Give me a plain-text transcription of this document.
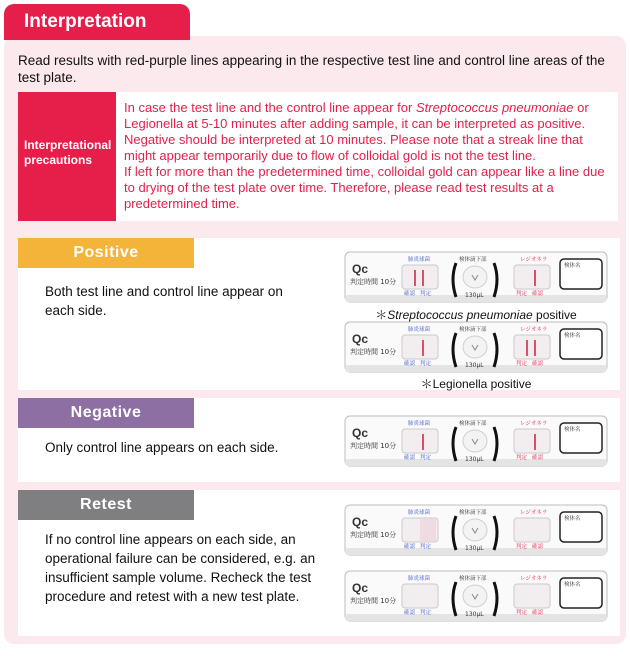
Interpretation

Read results with red-purple lines appearing in the respective test line and control line areas of the test plate.

Interpretational precautions
In case the test line and the control line appear for Streptococcus pneumoniae or Legionella at 5-10 minutes after adding sample, it can be interpreted as positive. Negative should be interpreted at 10 minutes. Please note that a streak line that might appear temporarily due to flow of colloidal gold is not the test line.
If left for more than the predetermined time, colloidal gold can appear like a line due to drying of the test plate over time. Therefore, please read test results at a predetermined time.
Positive

Both test line and control line appear on each side.

Qc
判定時間 10分
肺炎球菌
確認 判定
検体滴下部
130μL
レジオネラ
判定 確認
検体名
＊Streptococcus pneumoniae positive
Qc
判定時間 10分
肺炎球菌
確認 判定
検体滴下部
130μL
レジオネラ
判定 確認
検体名
＊Legionella positive
Negative

Only control line appears on each side.

Qc
判定時間 10分
肺炎球菌
確認 判定
検体滴下部
130μL
レジオネラ
判定 確認
検体名
Retest

If no control line appears on each side, an operational failure can be considered, e.g. an insufficient sample volume. Recheck the test procedure and retest with a new test plate.

Qc
判定時間 10分
肺炎球菌
確認 判定
検体滴下部
130μL
レジオネラ
判定 確認
検体名
Qc
判定時間 10分
肺炎球菌
確認 判定
検体滴下部
130μL
レジオネラ
判定 確認
検体名
